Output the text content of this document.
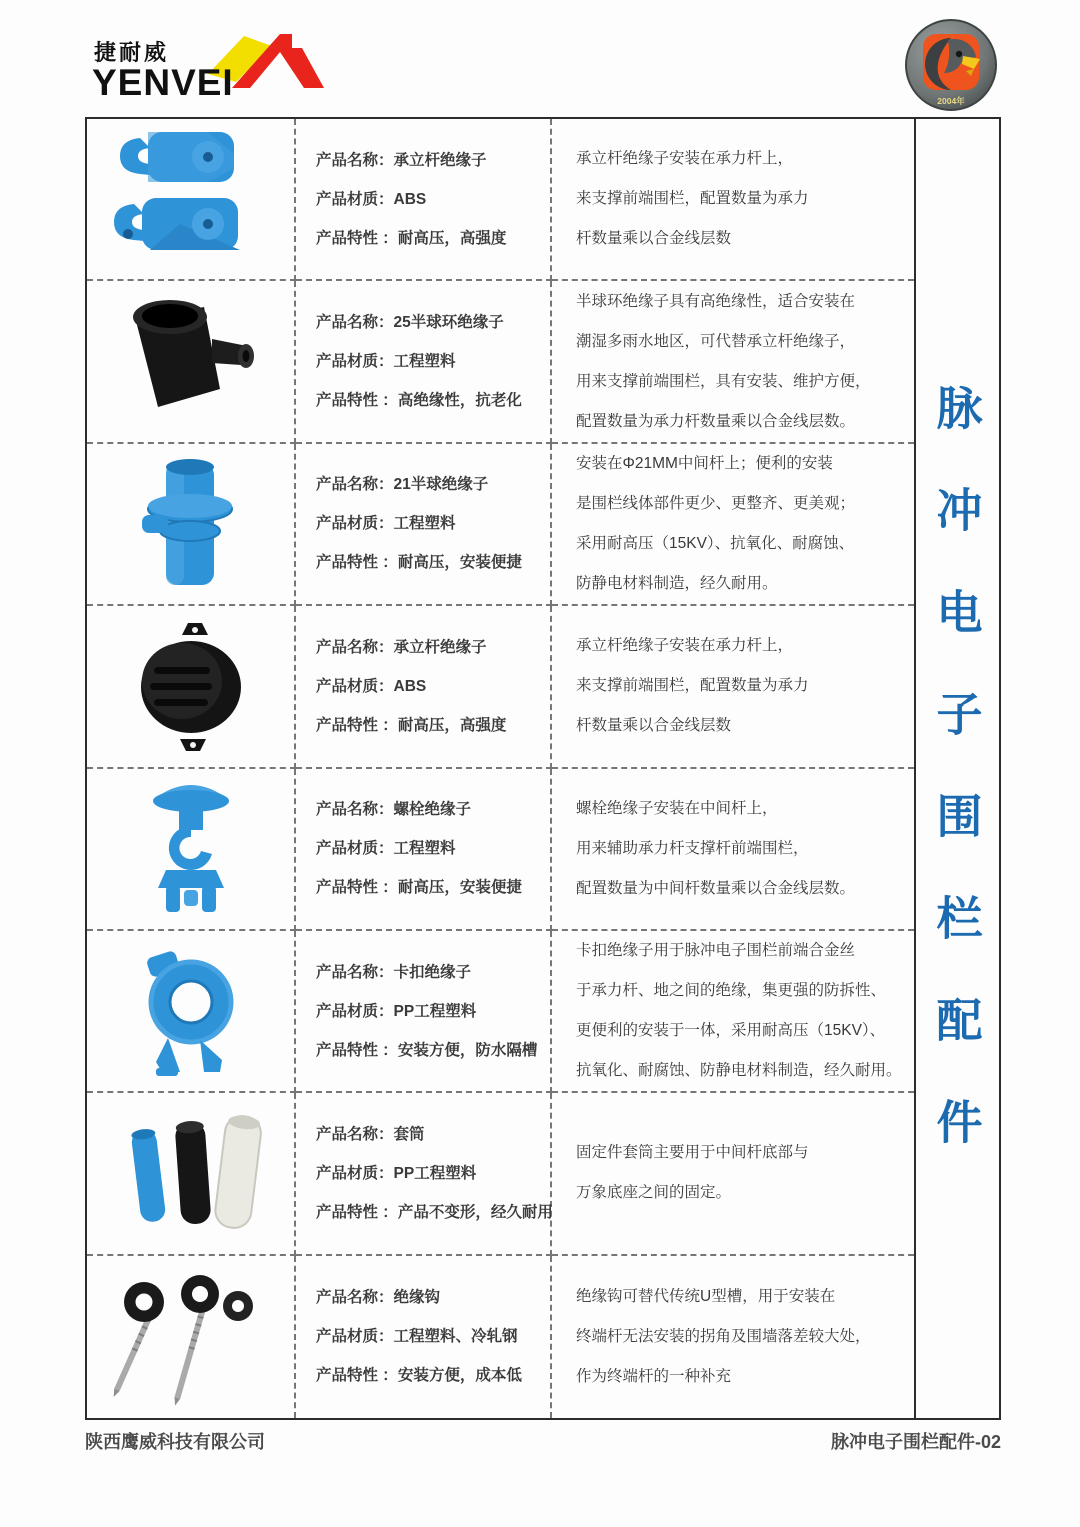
捷耐威
YENVEI	2004年
脉冲电子围栏配件
产品名称：承立杆绝缘子
产品材质：ABS
产品特性 ：耐高压，高强度
承立杆绝缘子安装在承力杆上，
来支撑前端围栏，配置数量为承力
杆数量乘以合金线层数
产品名称：25半球环绝缘子
产品材质：工程塑料
产品特性 ：高绝缘性，抗老化
半球环绝缘子具有高绝缘性，适合安装在
潮湿多雨水地区，可代替承立杆绝缘子，
用来支撑前端围栏，具有安装、维护方便，
配置数量为承力杆数量乘以合金线层数。
产品名称：21半球绝缘子
产品材质：工程塑料
产品特性 ：耐高压，安装便捷
安装在Φ21MM中间杆上；便利的安装
是围栏线体部件更少、更整齐、更美观；
采用耐高压（15KV）、抗氧化、耐腐蚀、
防静电材料制造，经久耐用。
产品名称：承立杆绝缘子
产品材质：ABS
产品特性 ：耐高压，高强度
承立杆绝缘子安装在承力杆上，
来支撑前端围栏，配置数量为承力
杆数量乘以合金线层数
产品名称：螺栓绝缘子
产品材质：工程塑料
产品特性 ：耐高压，安装便捷
螺栓绝缘子安装在中间杆上，
用来辅助承力杆支撑杆前端围栏，
配置数量为中间杆数量乘以合金线层数。
产品名称：卡扣绝缘子
产品材质：PP工程塑料
产品特性 ：安装方便，防水隔槽
卡扣绝缘子用于脉冲电子围栏前端合金丝
于承力杆、地之间的绝缘，集更强的防拆性、
更便利的安装于一体，采用耐高压（15KV）、
抗氧化、耐腐蚀、防静电材料制造，经久耐用。
产品名称：套筒
产品材质：PP工程塑料
产品特性 ：产品不变形，经久耐用
固定件套筒主要用于中间杆底部与
万象底座之间的固定。
产品名称：绝缘钩
产品材质：工程塑料、冷轧钢
产品特性 ：安装方便，成本低
绝缘钩可替代传统U型槽，用于安装在
终端杆无法安装的拐角及围墙落差较大处，
作为终端杆的一种补充
陕西鹰威科技有限公司	脉冲电子围栏配件-02
